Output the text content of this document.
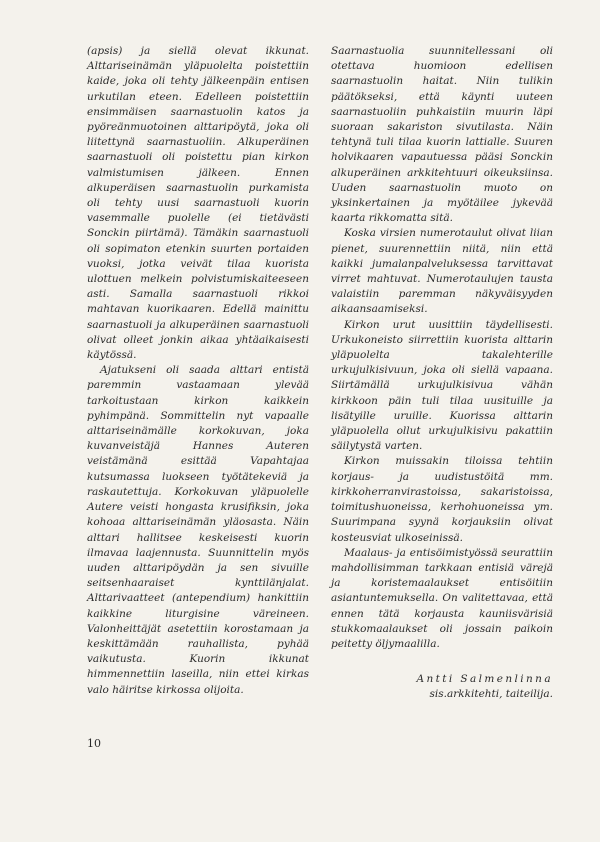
(apsis) ja siellä olevat ikkunat. Alttariseinämän yläpuolelta poistettiin kaide, joka oli tehty jälkeenpäin entisen urkutilan eteen. Edelleen poistettiin ensimmäisen saarnastuolin katos ja pyöreänmuotoinen alttaripöytä, joka oli liitettynä saarnastuoliin. Alkuperäinen saarnastuoli oli poistettu pian kirkon valmistumisen jälkeen. Ennen alkuperäisen saarnastuolin purkamista oli tehty uusi saarnastuoli kuorin vasemmalle puolelle (ei tietävästi Sonckin piirtämä). Tämäkin saarnastuoli oli sopimaton etenkin suurten portaiden vuoksi, jotka veivät tilaa kuorista ulottuen melkein polvistumiskaiteeseen asti. Samalla saarnastuoli rikkoi mahtavan kuorikaaren. Edellä mainittu saarnastuoli ja alkuperäinen saarnastuoli olivat olleet jonkin aikaa yhtäaikaisesti käytössä.

Ajatukseni oli saada alttari entistä paremmin vastaamaan ylevää tarkoitustaan kirkon kaikkein pyhimpänä. Sommittelin nyt vapaalle alttariseinämälle korkokuvan, joka kuvanveistäjä Hannes Auteren veistämänä esittää Vapahtajaa kutsumassa luokseen työtätekeviä ja raskautettuja. Korkokuvan yläpuolelle Autere veisti hongasta krusifiksin, joka kohoaa alttariseinämän yläosasta. Näin alttari hallitsee keskeisesti kuorin ilmavaa laajennusta. Suunnittelin myös uuden alttaripöydän ja sen sivuille seitsenhaaraiset kynttilänjalat. Alttarivaatteet (antependium) hankittiin kaikkine liturgisine väreineen. Valonheittäjät asetettiin korostamaan ja keskittämään rauhallista, pyhää vaikutusta. Kuorin ikkunat himmennettiin laseilla, niin ettei kirkas valo häiritse kirkossa olijoita.

Saarnastuolia suunnitellessani oli otettava huomioon edellisen saarnastuolin haitat. Niin tulikin päätökseksi, että käynti uuteen saarnastuoliin puhkaistiin muurin läpi suoraan sakariston sivutilasta. Näin tehtynä tuli tilaa kuorin lattialle. Suuren holvikaaren vapautuessa pääsi Sonckin alkuperäinen arkkitehtuuri oikeuksiinsa. Uuden saarnastuolin muoto on yksinkertainen ja myötäilee jykevää kaarta rikkomatta sitä.

Koska virsien numerotaulut olivat liian pienet, suurennettiin niitä, niin että kaikki jumalanpalveluksessa tarvittavat virret mahtuvat. Numerotaulujen tausta valaistiin paremman näkyväisyyden aikaansaamiseksi.

Kirkon urut uusittiin täydellisesti. Urkukoneisto siirrettiin kuorista alttarin yläpuolelta takalehterille urkujulkisivuun, joka oli siellä vapaana. Siirtämällä urkujulkisivua vähän kirkkoon päin tuli tilaa uusituille ja lisätyille uruille. Kuorissa alttarin yläpuolella ollut urkujulkisivu pakattiin säilytystä varten.

Kirkon muissakin tiloissa tehtiin korjaus- ja uudistustöitä mm. kirkkoherranvirastoissa, sakaristoissa, toimitushuoneissa, kerhohuoneissa ym. Suurimpana syynä korjauksiin olivat kosteusviat ulkoseinissä.

Maalaus- ja entisöimistyössä seurattiin mahdollisimman tarkkaan entisiä värejä ja koristemaalaukset entisöitiin asiantuntemuksella. On valitettavaa, että ennen tätä korjausta kauniisvärisiä stukkomaalaukset oli jossain paikoin peitetty öljymaalilla.

Antti Salmenlinna
sis.arkkitehti, taiteilija.
10
